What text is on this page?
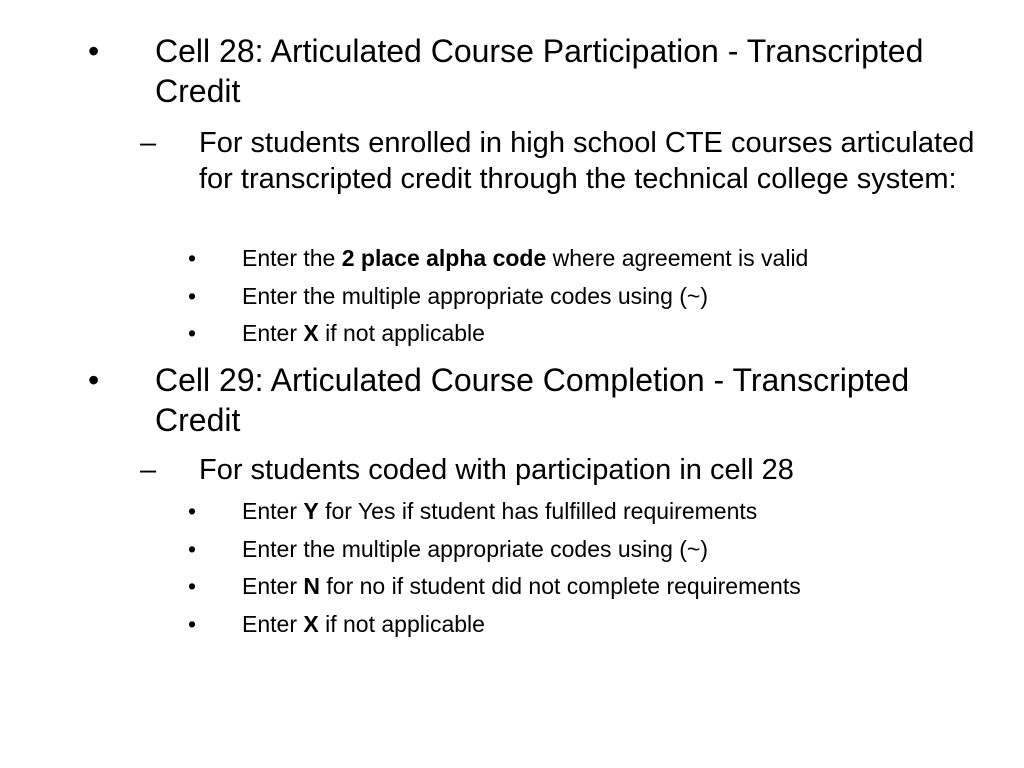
• Cell 28: Articulated Course Participation - Transcripted Credit
– For students enrolled in high school CTE courses articulated for transcripted credit through the technical college system:
• Enter the 2 place alpha code where agreement is valid
• Enter the multiple appropriate codes using (~)
• Enter X if not applicable
• Cell 29: Articulated Course Completion - Transcripted Credit
– For students coded with participation in cell 28
• Enter Y for Yes if student has fulfilled requirements
• Enter the multiple appropriate codes using (~)
• Enter N for no if student did not complete requirements
• Enter X if not applicable
